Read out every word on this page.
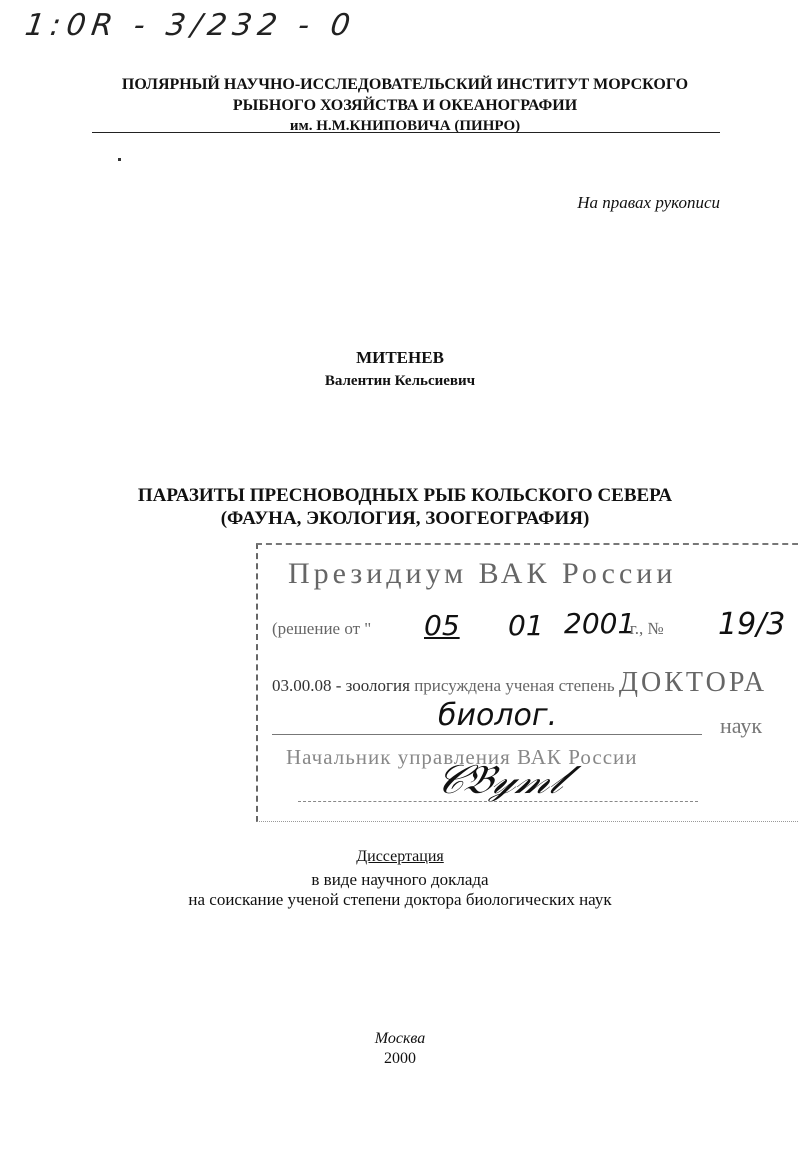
1:0R - 3/232 - 0
ПОЛЯРНЫЙ НАУЧНО-ИССЛЕДОВАТЕЛЬСКИЙ ИНСТИТУТ МОРСКОГО
РЫБНОГО ХОЗЯЙСТВА И ОКЕАНОГРАФИИ
им. Н.М.КНИПОВИЧА (ПИНРО)
На правах рукописи
МИТЕНЕВ
Валентин Кельсиевич
ПАРАЗИТЫ ПРЕСНОВОДНЫХ РЫБ КОЛЬСКОГО СЕВЕРА
(ФАУНА, ЭКОЛОГИЯ, ЗООГЕОГРАФИЯ)
Президиум ВАК России
(решение от "	г., №
05 01 2001	19/3
03.00.08 - зоология присуждена ученая степень ДОКТОРА
биолог.	наук
Начальник управления ВАК России
𝒞𝔅𝓎𝓂𝓁
Диссертация
в виде научного доклада
на соискание ученой степени доктора биологических наук
Москва
2000
